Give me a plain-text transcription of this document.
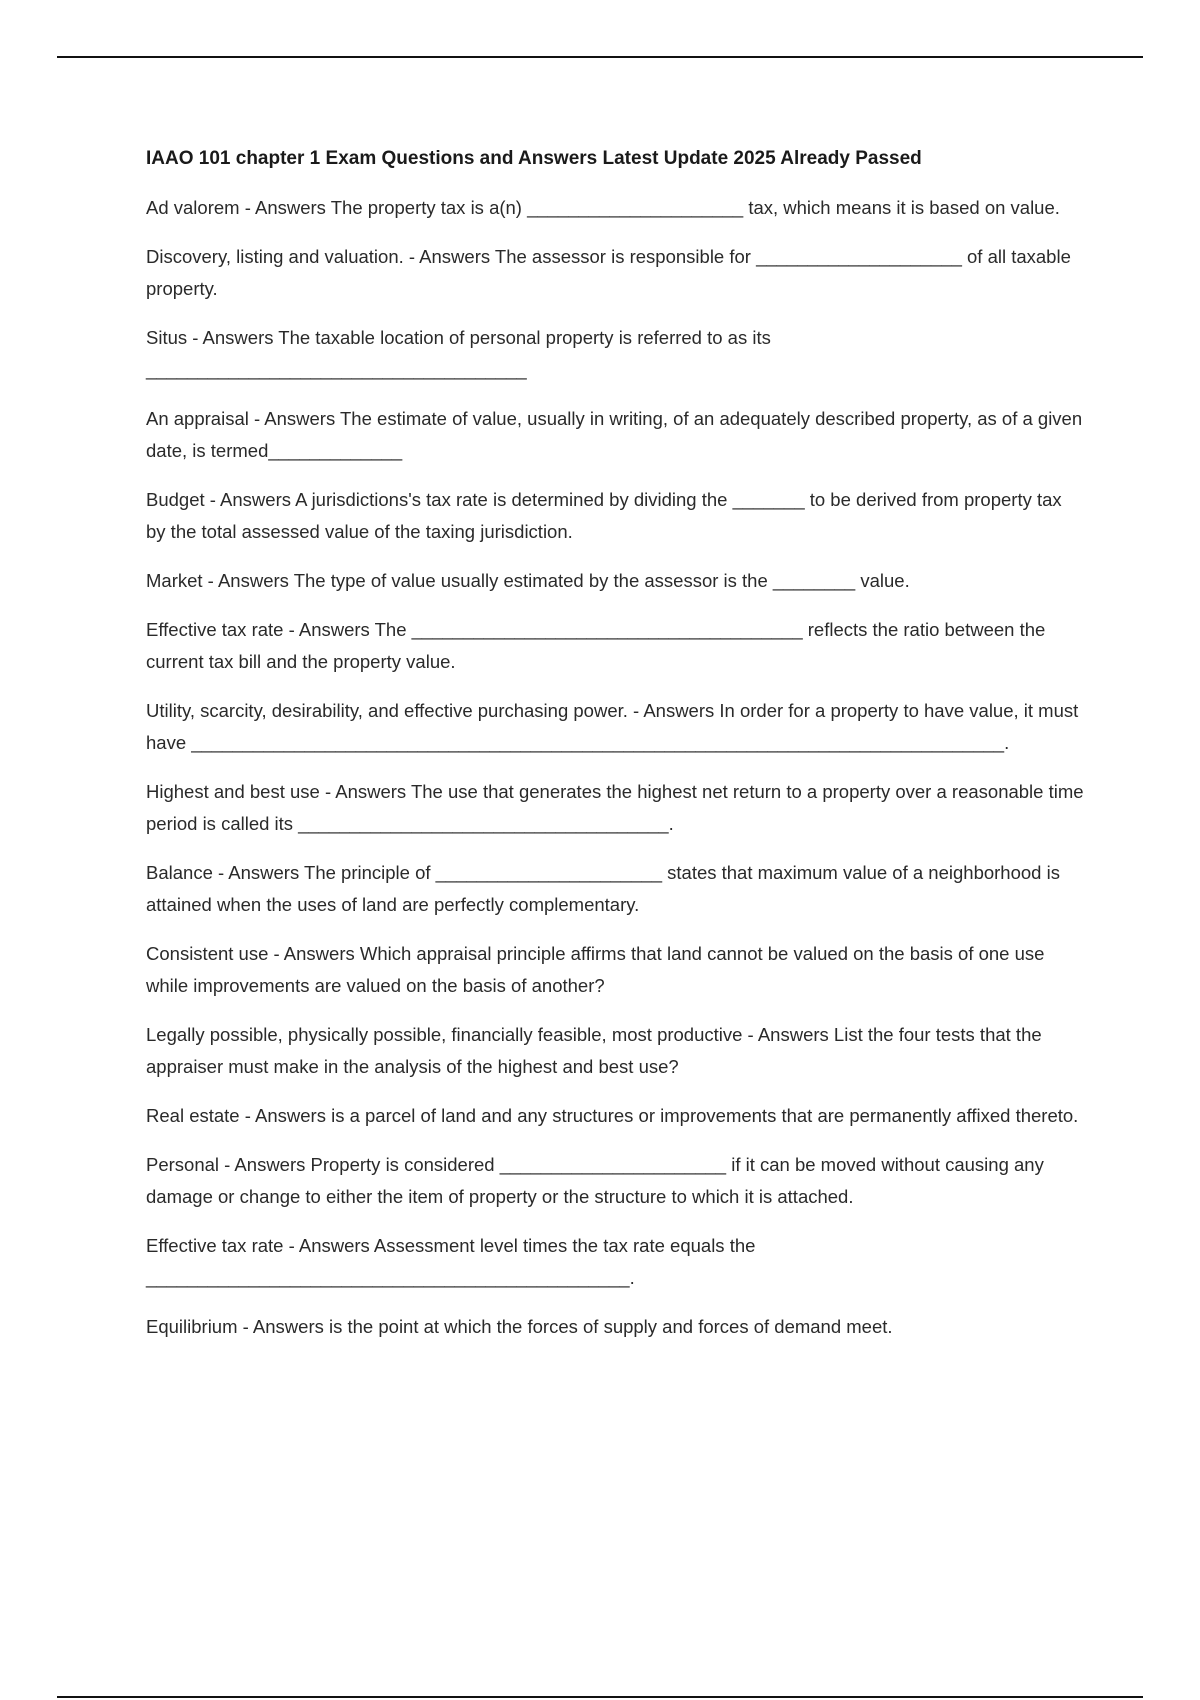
IAAO 101 chapter 1 Exam Questions and Answers Latest Update 2025 Already Passed
Ad valorem - Answers The property tax is a(n) _____________________ tax, which means it is based on value.
Discovery, listing and valuation. - Answers The assessor is responsible for ____________________ of all taxable property.
Situs - Answers The taxable location of personal property is referred to as its _____________________________________
An appraisal - Answers The estimate of value, usually in writing, of an adequately described property, as of a given date, is termed_____________
Budget - Answers A jurisdictions's tax rate is determined by dividing the _______ to be derived from property tax by the total assessed value of the taxing jurisdiction.
Market - Answers The type of value usually estimated by the assessor is the ________ value.
Effective tax rate - Answers The ______________________________________ reflects the ratio between the current tax bill and the property value.
Utility, scarcity, desirability, and effective purchasing power. - Answers In order for a property to have value, it must have _______________________________________________________________________________.
Highest and best use - Answers The use that generates the highest net return to a property over a reasonable time period is called its ____________________________________.
Balance - Answers The principle of ______________________ states that maximum value of a neighborhood is attained when the uses of land are perfectly complementary.
Consistent use - Answers Which appraisal principle affirms that land cannot be valued on the basis of one use while improvements are valued on the basis of another?
Legally possible, physically possible, financially feasible, most productive - Answers List the four tests that the appraiser must make in the analysis of the highest and best use?
Real estate - Answers is a parcel of land and any structures or improvements that are permanently affixed thereto.
Personal - Answers Property is considered ______________________ if it can be moved without causing any damage or change to either the item of property or the structure to which it is attached.
Effective tax rate - Answers Assessment level times the tax rate equals the _______________________________________________.
Equilibrium - Answers is the point at which the forces of supply and forces of demand meet.
